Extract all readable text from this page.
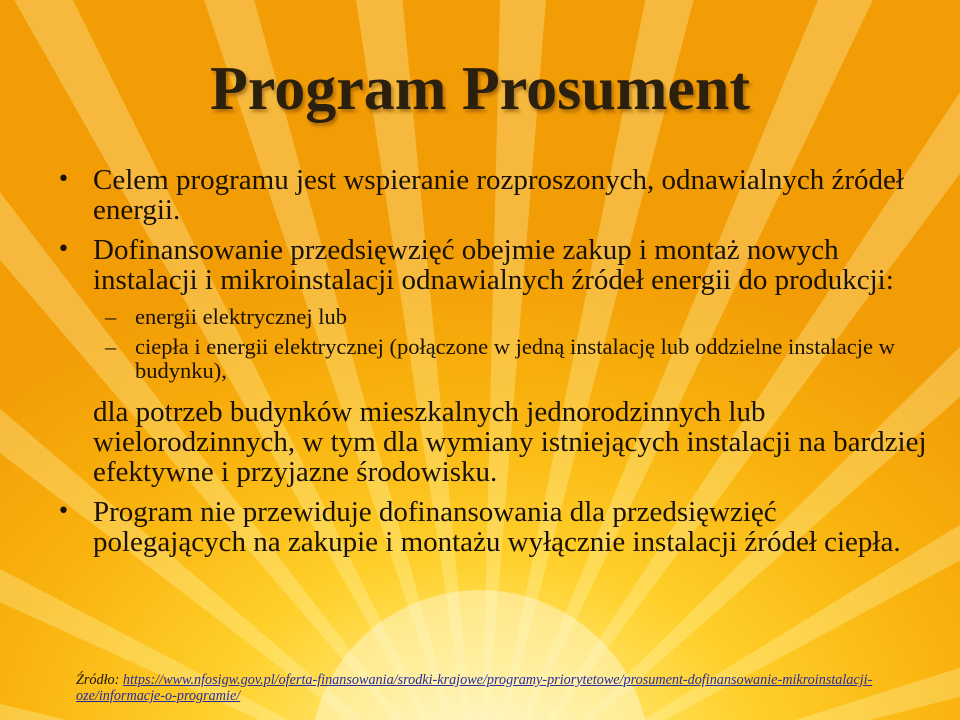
Program Prosument
• Celem programu jest wspieranie rozproszonych, odnawialnych źródeł energii.
• Dofinansowanie przedsięwzięć obejmie zakup i montaż nowych instalacji i mikroinstalacji odnawialnych źródeł energii do produkcji:
– energii elektrycznej lub
– ciepła i energii elektrycznej (połączone w jedną instalację lub oddzielne instalacje w budynku),
dla potrzeb budynków mieszkalnych jednorodzinnych lub wielorodzinnych, w tym dla wymiany istniejących instalacji na bardziej efektywne i przyjazne środowisku.
• Program nie przewiduje dofinansowania dla przedsięwzięć polegających na zakupie i montażu wyłącznie instalacji źródeł ciepła.
Źródło: https://www.nfosigw.gov.pl/oferta-finansowania/srodki-krajowe/programy-priorytetowe/prosument-dofinansowanie-mikroinstalacji-oze/informacje-o-programie/
